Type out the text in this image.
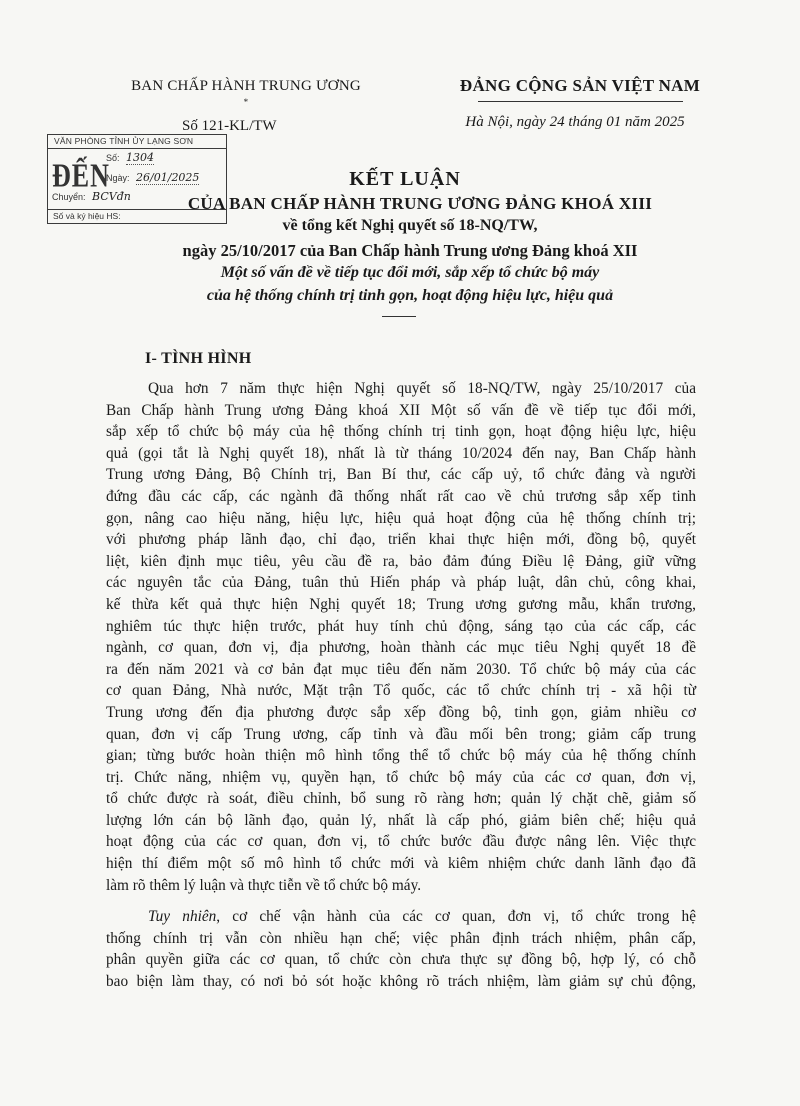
BAN CHẤP HÀNH TRUNG ƯƠNG
*
ĐẢNG CỘNG SẢN VIỆT NAM
Số 121-KL/TW	Hà Nội, ngày 24 tháng 01 năm 2025
VĂN PHÒNG TỈNH ỦY LẠNG SƠN
ĐẾN
Số: 1304
Ngày: 26/01/2025
Chuyển: BCVđn
Số và ký hiệu HS:
KẾT LUẬN
CỦA BAN CHẤP HÀNH TRUNG ƯƠNG ĐẢNG KHOÁ XIII
về tổng kết Nghị quyết số 18-NQ/TW,
ngày 25/10/2017 của Ban Chấp hành Trung ương Đảng khoá XII
Một số vấn đề về tiếp tục đổi mới, sắp xếp tổ chức bộ máy
của hệ thống chính trị tinh gọn, hoạt động hiệu lực, hiệu quả
I- TÌNH HÌNH
Qua hơn 7 năm thực hiện Nghị quyết số 18-NQ/TW, ngày 25/10/2017 của
Ban Chấp hành Trung ương Đảng khoá XII Một số vấn đề về tiếp tục đổi mới,
sắp xếp tổ chức bộ máy của hệ thống chính trị tinh gọn, hoạt động hiệu lực, hiệu
quả (gọi tắt là Nghị quyết 18), nhất là từ tháng 10/2024 đến nay, Ban Chấp hành
Trung ương Đảng, Bộ Chính trị, Ban Bí thư, các cấp uỷ, tổ chức đảng và người
đứng đầu các cấp, các ngành đã thống nhất rất cao về chủ trương sắp xếp tinh
gọn, nâng cao hiệu năng, hiệu lực, hiệu quả hoạt động của hệ thống chính trị;
với phương pháp lãnh đạo, chỉ đạo, triển khai thực hiện mới, đồng bộ, quyết
liệt, kiên định mục tiêu, yêu cầu đề ra, bảo đảm đúng Điều lệ Đảng, giữ vững
các nguyên tắc của Đảng, tuân thủ Hiến pháp và pháp luật, dân chủ, công khai,
kế thừa kết quả thực hiện Nghị quyết 18; Trung ương gương mẫu, khẩn trương,
nghiêm túc thực hiện trước, phát huy tính chủ động, sáng tạo của các cấp, các
ngành, cơ quan, đơn vị, địa phương, hoàn thành các mục tiêu Nghị quyết 18 đề
ra đến năm 2021 và cơ bản đạt mục tiêu đến năm 2030. Tổ chức bộ máy của các
cơ quan Đảng, Nhà nước, Mặt trận Tổ quốc, các tổ chức chính trị - xã hội từ
Trung ương đến địa phương được sắp xếp đồng bộ, tinh gọn, giảm nhiều cơ
quan, đơn vị cấp Trung ương, cấp tỉnh và đầu mối bên trong; giảm cấp trung
gian; từng bước hoàn thiện mô hình tổng thể tổ chức bộ máy của hệ thống chính
trị. Chức năng, nhiệm vụ, quyền hạn, tổ chức bộ máy của các cơ quan, đơn vị,
tổ chức được rà soát, điều chỉnh, bổ sung rõ ràng hơn; quản lý chặt chẽ, giảm số
lượng lớn cán bộ lãnh đạo, quản lý, nhất là cấp phó, giảm biên chế; hiệu quả
hoạt động của các cơ quan, đơn vị, tổ chức bước đầu được nâng lên. Việc thực
hiện thí điểm một số mô hình tổ chức mới và kiêm nhiệm chức danh lãnh đạo đã
làm rõ thêm lý luận và thực tiễn về tổ chức bộ máy.
Tuy nhiên, cơ chế vận hành của các cơ quan, đơn vị, tổ chức trong hệ
thống chính trị vẫn còn nhiều hạn chế; việc phân định trách nhiệm, phân cấp,
phân quyền giữa các cơ quan, tổ chức còn chưa thực sự đồng bộ, hợp lý, có chỗ
bao biện làm thay, có nơi bỏ sót hoặc không rõ trách nhiệm, làm giảm sự chủ động,
